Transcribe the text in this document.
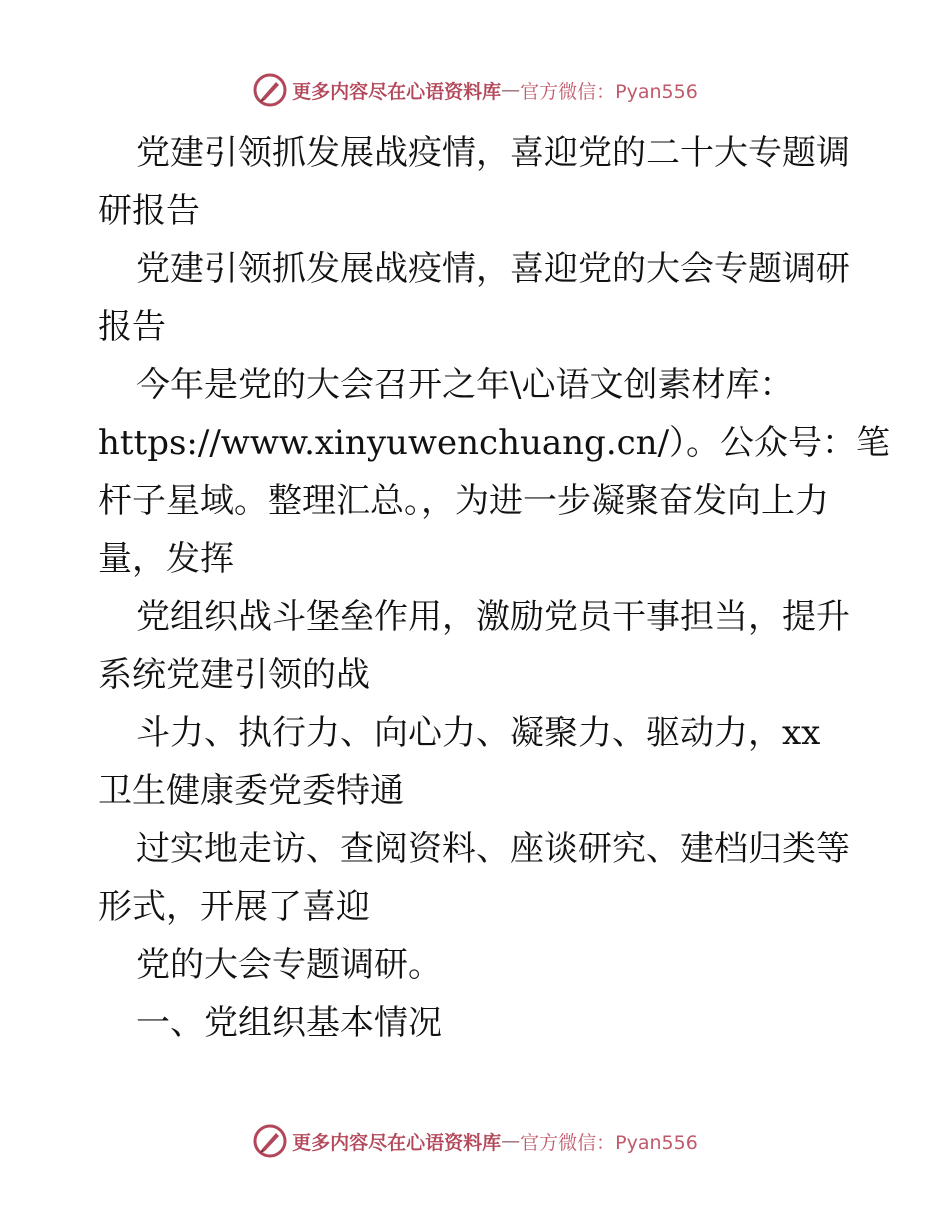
更多内容尽在心语资料库 — 官方微信：Pyan556

党建引领抓发展战疫情，喜迎党的二十大专题调
研报告

党建引领抓发展战疫情，喜迎党的大会专题调研
报告

今年是党的大会召开之年\心语文创素材库：
https://www.xinyuwenchuang.cn/）。公众号：笔
杆子星域。整理汇总。，为进一步凝聚奋发向上力
量，发挥

党组织战斗堡垒作用，激励党员干事担当，提升
系统党建引领的战

斗力、执行力、向心力、凝聚力、驱动力，xx
卫生健康委党委特通

过实地走访、查阅资料、座谈研究、建档归类等
形式，开展了喜迎

党的大会专题调研。

一、党组织基本情况

更多内容尽在心语资料库 — 官方微信：Pyan556
